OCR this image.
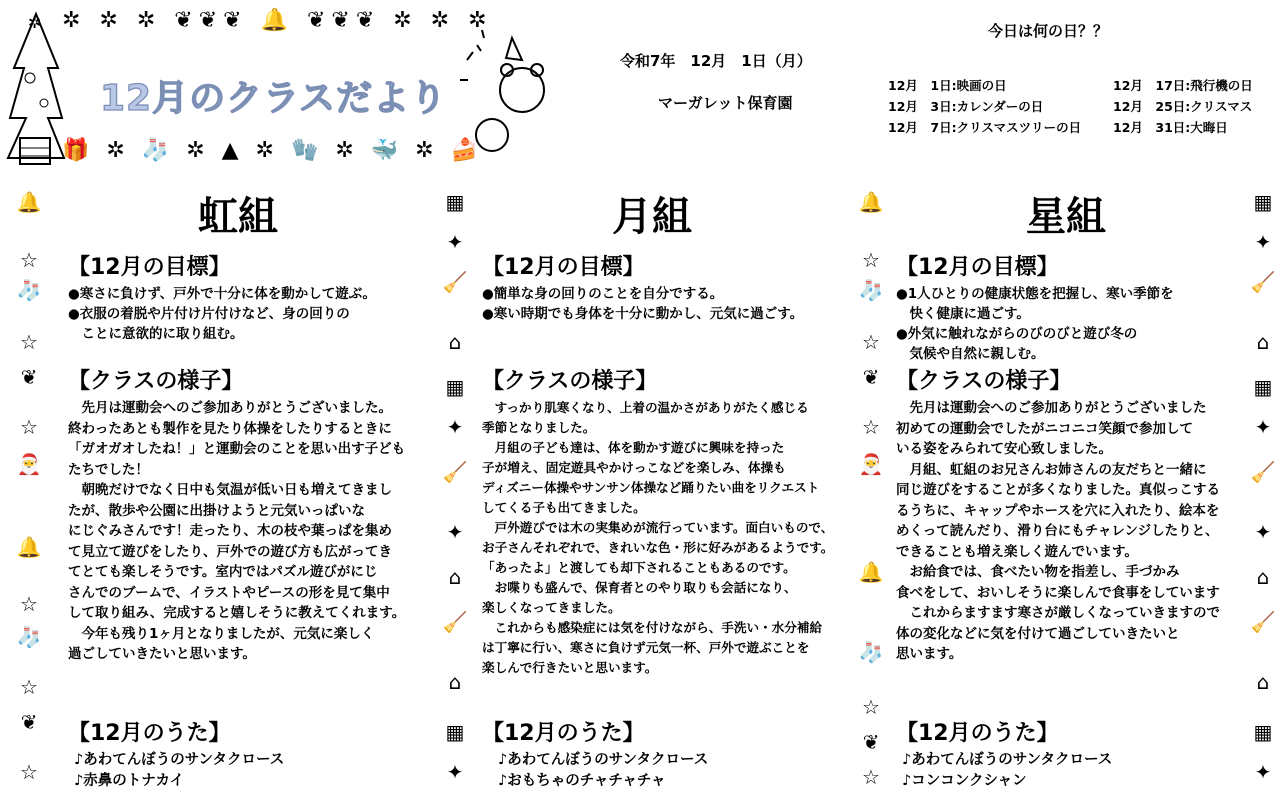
✲ ✲ ✲ ✲ ❦❦❦ 🔔 ❦❦❦ ✲ ✲ ✲
🎁 ✲ 🧦 ✲ ▲ ✲ 🧤 ✲ 🐳 ✲ 🍰
12月のクラスだより
令和7年　12月　1日（月）
マーガレット保育園
今日は何の日？？
12月　1日:映画の日	12月　17日:飛行機の日
12月　3日:カレンダーの日	12月　25日:クリスマス
12月　7日:クリスマスツリーの日	12月　31日:大晦日
🔔
☆
🧦
☆
❦
☆
🎅
🔔
☆
🧦
☆
❦
☆
▦
✦
🧹
⌂
▦
✦
🧹
✦
⌂
🧹
⌂
▦
✦
🔔
☆
🧦
☆
❦
☆
🎅
🔔
🧦
☆
❦
☆
▦
✦
🧹
⌂
▦
✦
🧹
✦
⌂
🧹
⌂
▦
✦
虹組
【12月の目標】
●寒さに負けず、戸外で十分に体を動かして遊ぶ。
●衣服の着脱や片付け片付けなど、身の回りの
　ことに意欲的に取り組む。
【クラスの様子】
　先月は運動会へのご参加ありがとうございました。
終わったあとも製作を見たり体操をしたりするときに
「ガオガオしたね！」と運動会のことを思い出す子ども
たちでした！
　朝晩だけでなく日中も気温が低い日も増えてきまし
たが、散歩や公園に出掛けようと元気いっぱいな
にじぐみさんです！走ったり、木の枝や葉っぱを集め
て見立て遊びをしたり、戸外での遊び方も広がってき
てとても楽しそうです。室内ではパズル遊びがにじ
さんでのブームで、イラストやピースの形を見て集中
して取り組み、完成すると嬉しそうに教えてくれます。
　今年も残り1ヶ月となりましたが、元気に楽しく
過ごしていきたいと思います。
【12月のうた】
♪あわてんぼうのサンタクロース
♪赤鼻のトナカイ
月組
【12月の目標】
●簡単な身の回りのことを自分でする。
●寒い時期でも身体を十分に動かし、元気に過ごす。
【クラスの様子】
　すっかり肌寒くなり、上着の温かさがありがたく感じる
季節となりました。
　月組の子ども達は、体を動かす遊びに興味を持った
子が増え、固定遊具やかけっこなどを楽しみ、体操も
ディズニー体操やサンサン体操など踊りたい曲をリクエスト
してくる子も出てきました。
　戸外遊びでは木の実集めが流行っています。面白いもので、
お子さんそれぞれで、きれいな色・形に好みがあるようです。
「あったよ」と渡しても却下されることもあるのです。
　お喋りも盛んで、保育者とのやり取りも会話になり、
楽しくなってきました。
　これからも感染症には気を付けながら、手洗い・水分補給
は丁寧に行い、寒さに負けず元気一杯、戸外で遊ぶことを
楽しんで行きたいと思います。
【12月のうた】
♪あわてんぼうのサンタクロース
♪おもちゃのチャチャチャ
星組
【12月の目標】
●1人ひとりの健康状態を把握し、寒い季節を
　快く健康に過ごす。
●外気に触れながらのびのびと遊び冬の
　気候や自然に親しむ。
【クラスの様子】
　先月は運動会へのご参加ありがとうございました
初めての運動会でしたがニコニコ笑顔で参加して
いる姿をみられて安心致しました。
　月組、虹組のお兄さんお姉さんの友だちと一緒に
同じ遊びをすることが多くなりました。真似っこする
るうちに、キャップやホースを穴に入れたり、絵本を
めくって読んだり、滑り台にもチャレンジしたりと、
できることも増え楽しく遊んでいます。
　お給食では、食べたい物を指差し、手づかみ
食べをして、おいしそうに楽しんで食事をしています
　これからますます寒さが厳しくなっていきますので
体の変化などに気を付けて過ごしていきたいと
思います。
【12月のうた】
♪あわてんぼうのサンタクロース
♪コンコンクシャン
